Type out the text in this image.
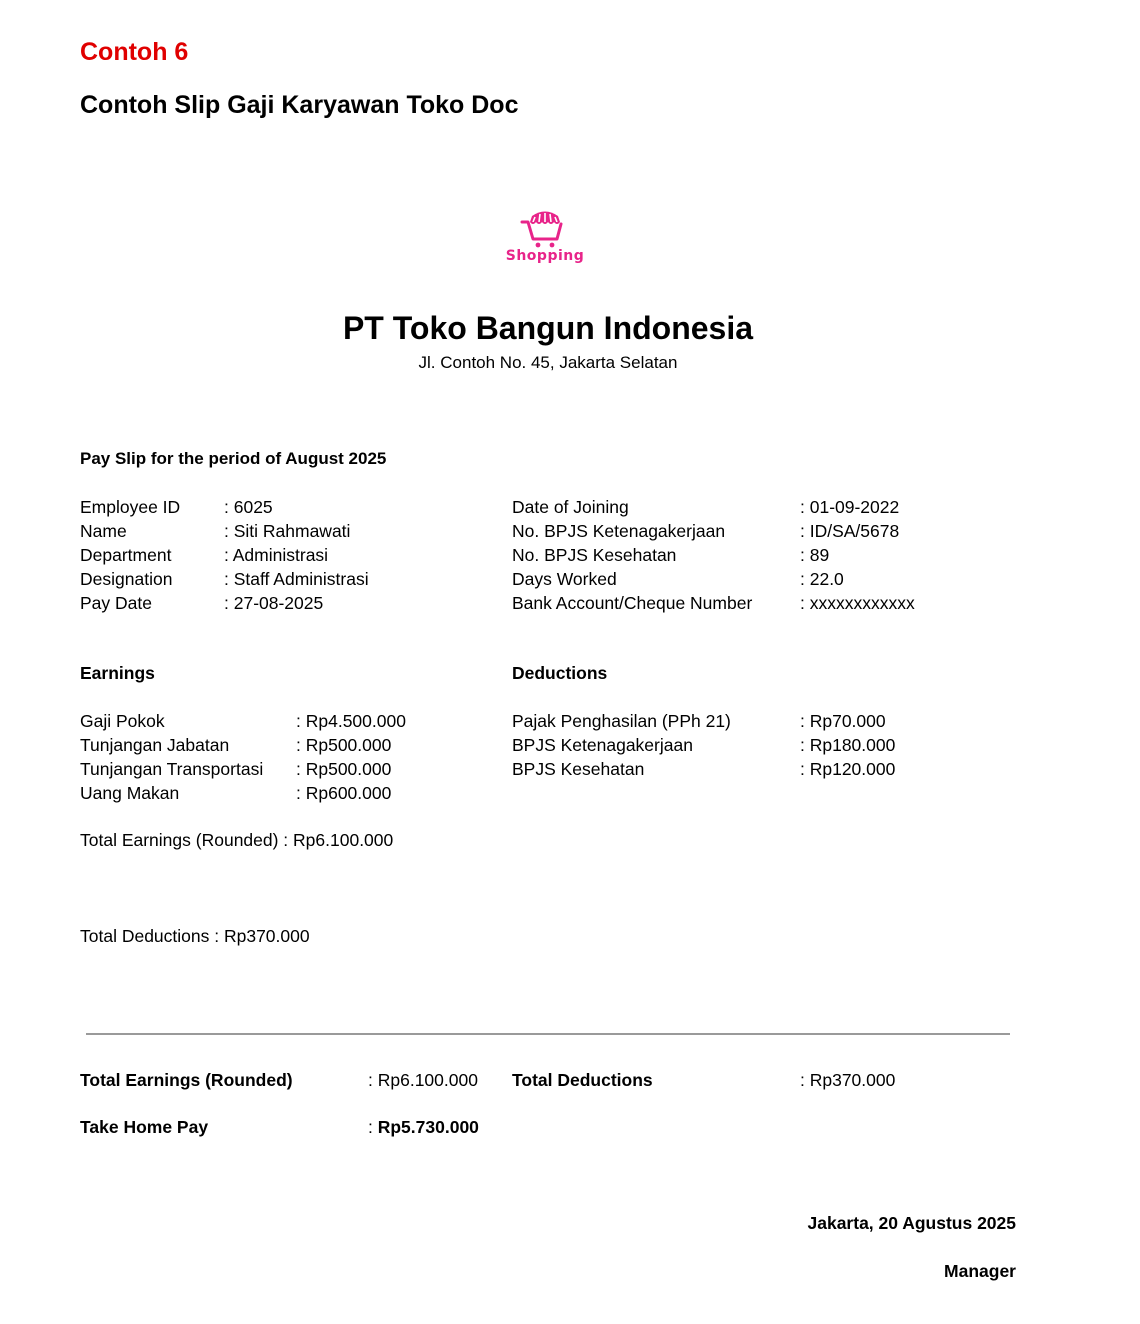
Contoh 6
Contoh Slip Gaji Karyawan Toko Doc
Shopping
PT Toko Bangun Indonesia
Jl. Contoh No. 45, Jakarta Selatan
Pay Slip for the period of August 2025
Employee ID	: 6025
Name	: Siti Rahmawati
Department	: Administrasi
Designation	: Staff Administrasi
Pay Date	: 27-08-2025
Date of Joining	: 01-09-2022
No. BPJS Ketenagakerjaan	: ID/SA/5678
No. BPJS Kesehatan	: 89
Days Worked	: 22.0
Bank Account/Cheque Number	: xxxxxxxxxxxx
Earnings
Gaji Pokok	: Rp4.500.000
Tunjangan Jabatan	: Rp500.000
Tunjangan Transportasi : Rp500.000
Uang Makan	: Rp600.000
Total Earnings (Rounded) : Rp6.100.000
Deductions
Pajak Penghasilan (PPh 21)	: Rp70.000
BPJS Ketenagakerjaan	: Rp180.000
BPJS Kesehatan	: Rp120.000
Total Deductions : Rp370.000
Total Earnings (Rounded)	: Rp6.100.000 Total Deductions	: Rp370.000
Take Home Pay	: Rp5.730.000
Jakarta, 20 Agustus 2025
Manager
